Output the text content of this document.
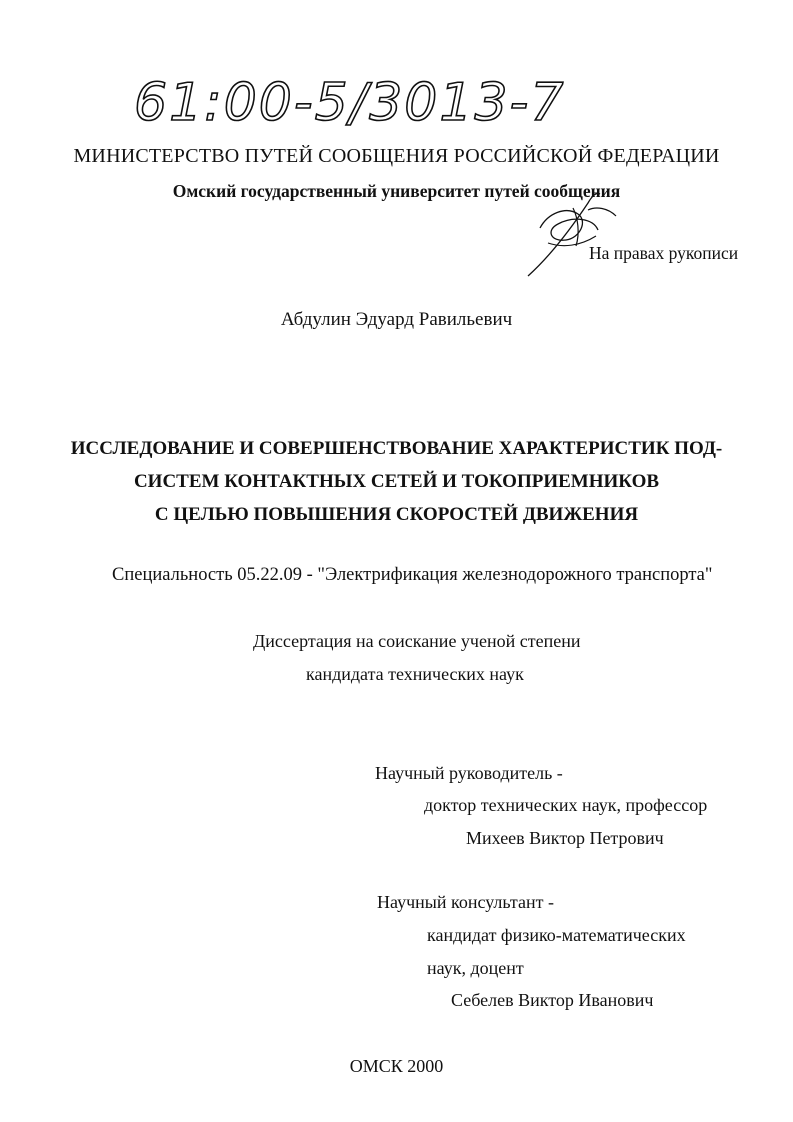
61:00-5/3013-7
МИНИСТЕРСТВО ПУТЕЙ СООБЩЕНИЯ РОССИЙСКОЙ ФЕДЕРАЦИИ
Омский государственный университет путей сообщения
На правах рукописи
Абдулин Эдуард Равильевич
ИССЛЕДОВАНИЕ И СОВЕРШЕНСТВОВАНИЕ ХАРАКТЕРИСТИК ПОД-
СИСТЕМ КОНТАКТНЫХ СЕТЕЙ И ТОКОПРИЕМНИКОВ
С ЦЕЛЬЮ ПОВЫШЕНИЯ СКОРОСТЕЙ ДВИЖЕНИЯ
Специальность 05.22.09 - "Электрификация железнодорожного транспорта"
Диссертация на соискание ученой степени
кандидата технических наук
Научный руководитель -
доктор технических наук, профессор
Михеев Виктор Петрович
Научный консультант -
кандидат физико-математических
наук, доцент
Себелев Виктор Иванович
ОМСК 2000
